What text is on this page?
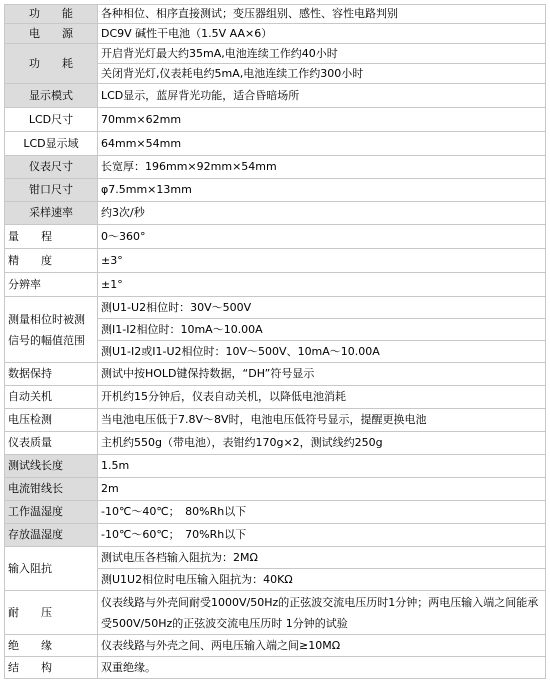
功　　能	各种相位、相序直接测试；变压器组别、感性、容性电路判别
电　　源	DC9V 碱性干电池（1.5V AA×6）
功　　耗	开启背光灯最大约35mA,电池连续工作约40小时
	关闭背光灯,仪表耗电约5mA,电池连续工作约300小时
显示模式	LCD显示，蓝屏背光功能，适合昏暗场所
LCD尺寸	70mm×62mm
LCD显示域	64mm×54mm
仪表尺寸	长宽厚：196mm×92mm×54mm
钳口尺寸	φ7.5mm×13mm
采样速率	约3次/秒
量　　程	0～360°
精　　度	±3°
分辨率	±1°
测量相位时被测信号的幅值范围	测U1-U2相位时：30V～500V
	测I1-I2相位时：10mA～10.00A
	测U1-I2或I1-U2相位时：10V～500V、10mA～10.00A
数据保持	测试中按HOLD键保持数据，“DH”符号显示
自动关机	开机约15分钟后，仪表自动关机，以降低电池消耗
电压检测	当电池电压低于7.8V～8V时，电池电压低符号显示，提醒更换电池
仪表质量	主机约550g（带电池），表钳约170g×2，测试线约250g
测试线长度	1.5m
电流钳线长	2m
工作温湿度	-10℃～40℃；　80%Rh以下
存放温湿度	-10℃～60℃；　70%Rh以下
输入阻抗	测试电压各档输入阻抗为：2MΩ
	测U1U2相位时电压输入阻抗为：40KΩ
耐　　压	仪表线路与外壳间耐受1000V/50Hz的正弦波交流电压历时1分钟；两电压输入端之间能承受500V/50Hz的正弦波交流电压历时 1分钟的试验
绝　　缘	仪表线路与外壳之间、两电压输入端之间≥10MΩ
结　　构	双重绝缘。
